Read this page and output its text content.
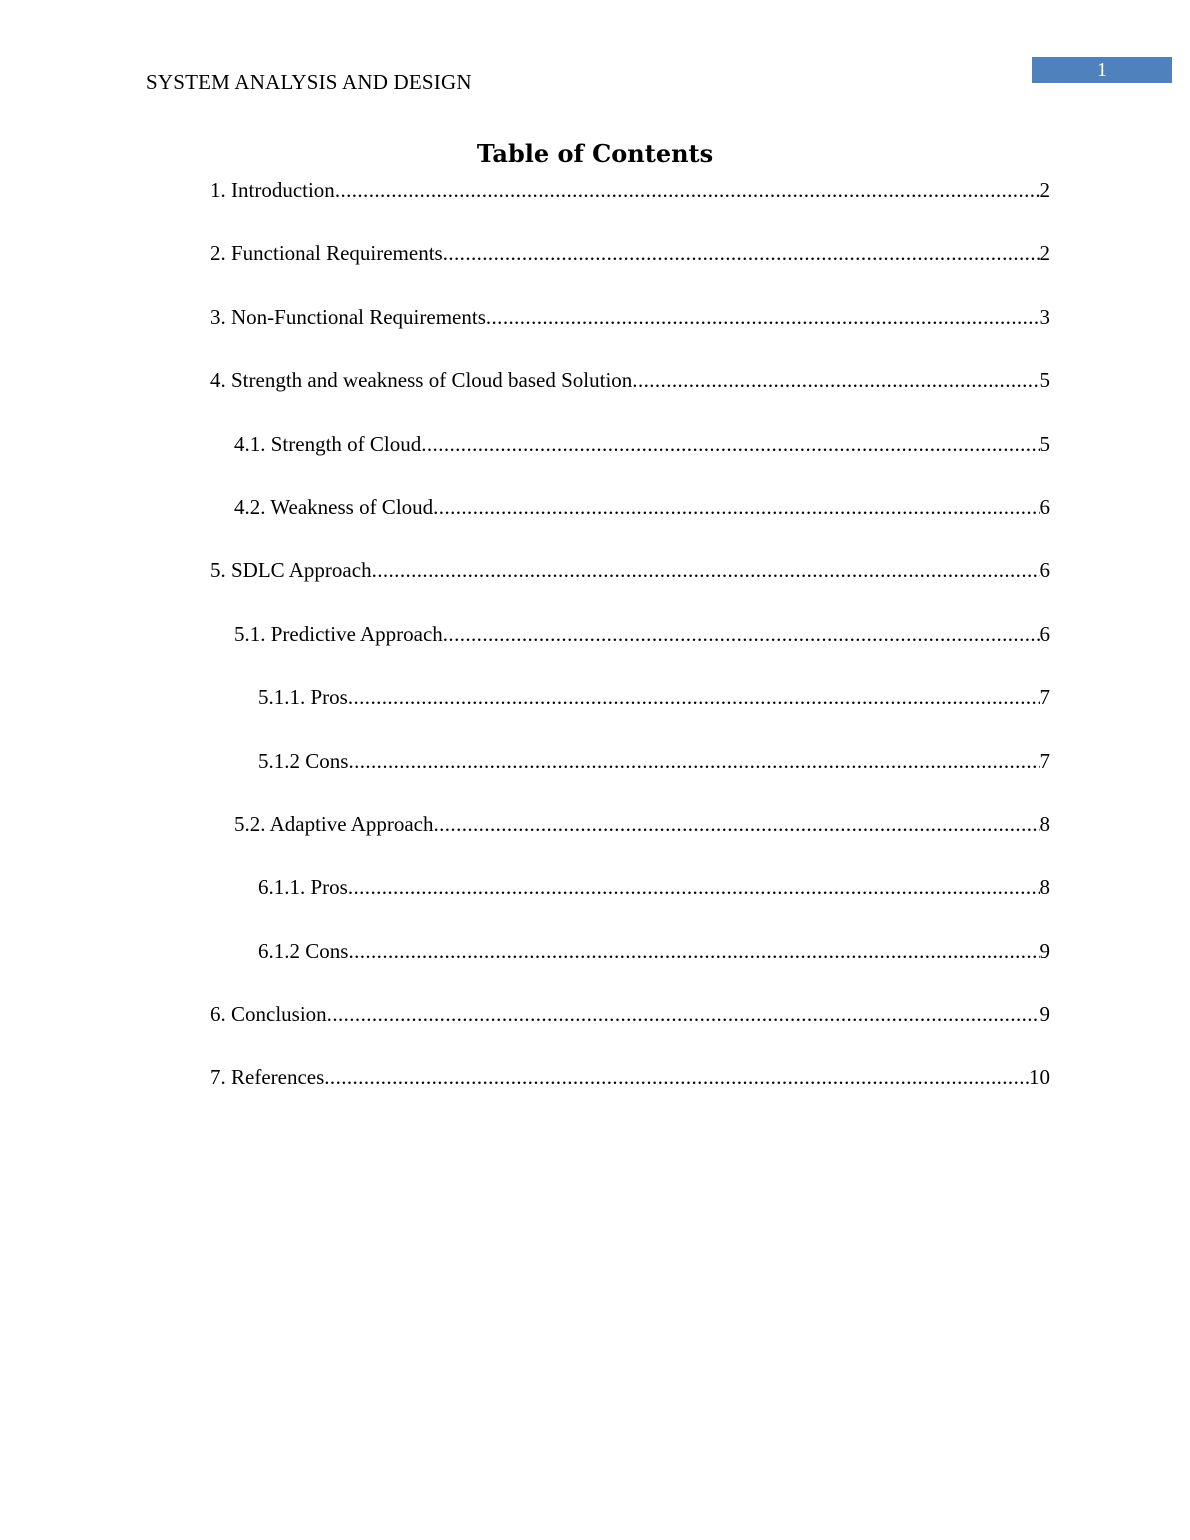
SYSTEM ANALYSIS AND DESIGN	1
Table of Contents
1. Introduction .....	2
2. Functional Requirements .....	2
3. Non-Functional Requirements .....	3
4. Strength and weakness of Cloud based Solution .....	5
4.1. Strength of Cloud .....	5
4.2. Weakness of Cloud .....	6
5. SDLC Approach .....	6
5.1. Predictive Approach .....	6
5.1.1. Pros .....	7
5.1.2 Cons .....	7
5.2. Adaptive Approach .....	8
6.1.1. Pros .....	8
6.1.2 Cons .....	9
6. Conclusion .....	9
7. References .....	10
